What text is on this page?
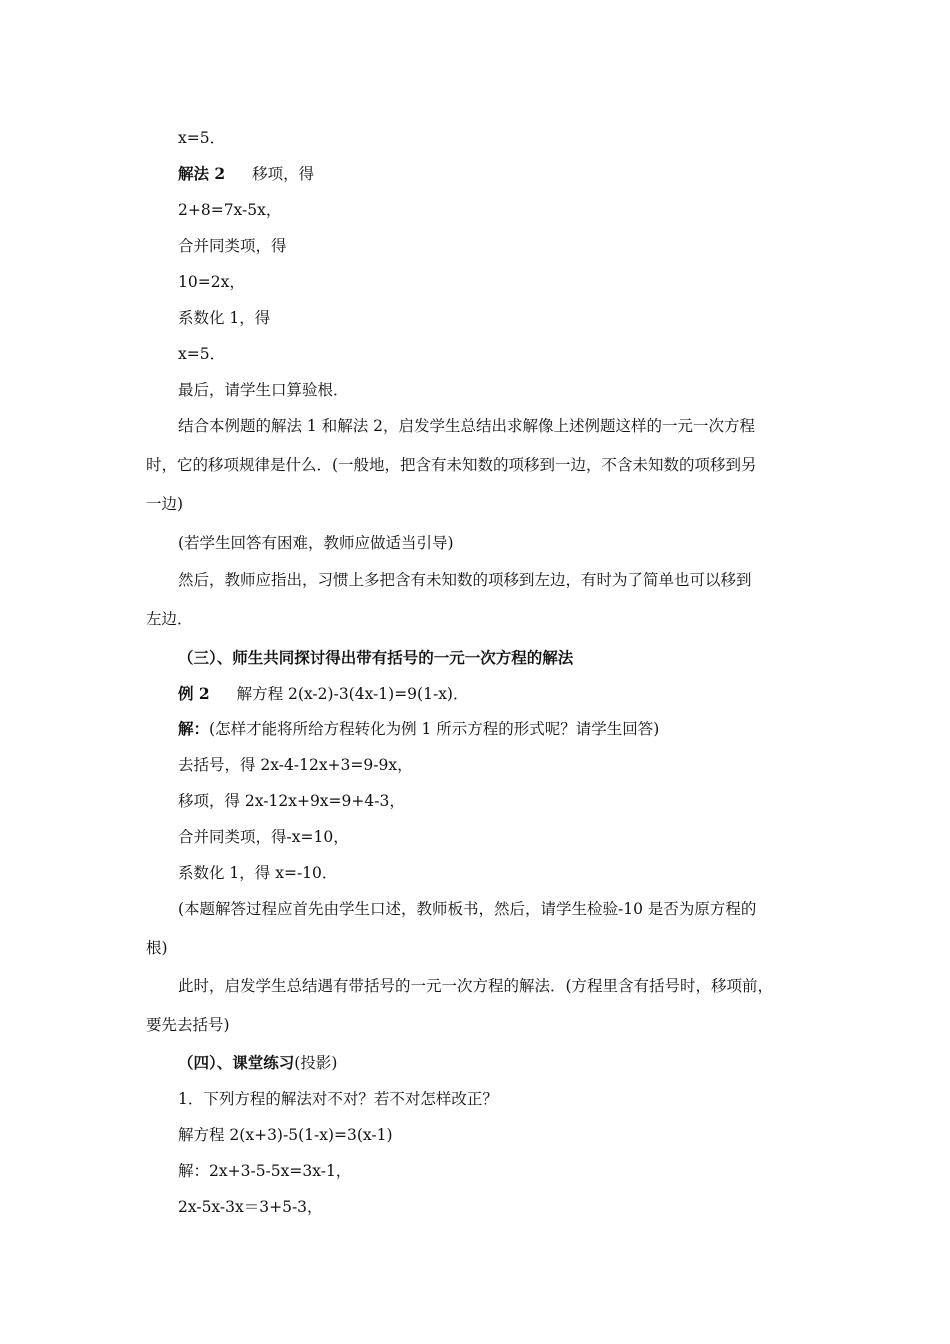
x=5．
解法 2 移项，得
2+8=7x-5x，
合并同类项，得
10=2x，
系数化 1，得
x=5．
最后，请学生口算验根．
结合本例题的解法 1 和解法 2，启发学生总结出求解像上述例题这样的一元一次方程
时，它的移项规律是什么．(一般地，把含有未知数的项移到一边，不含未知数的项移到另
一边)
(若学生回答有困难，教师应做适当引导)
然后，教师应指出，习惯上多把含有未知数的项移到左边，有时为了简单也可以移到
左边．
（三）、师生共同探讨得出带有括号的一元一次方程的解法
例 2 解方程 2(x-2)-3(4x-1)=9(1-x)．
解：(怎样才能将所给方程转化为例 1 所示方程的形式呢？请学生回答)
去括号，得 2x-4-12x+3=9-9x，
移项，得 2x-12x+9x=9+4-3，
合并同类项，得-x=10，
系数化 1，得 x=-10．
(本题解答过程应首先由学生口述，教师板书，然后，请学生检验-10 是否为原方程的
根)
此时，启发学生总结遇有带括号的一元一次方程的解法．(方程里含有括号时，移项前，
要先去括号)
（四）、课堂练习(投影)
1．下列方程的解法对不对？若不对怎样改正？
解方程 2(x+3)-5(1-x)=3(x-1)
解：2x+3-5-5x=3x-1，
2x-5x-3x＝3+5-3，
